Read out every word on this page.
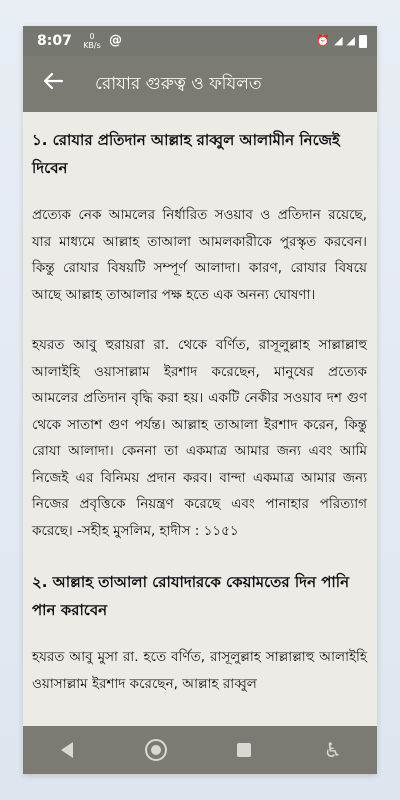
8:07	0 KB/s @	⏰ ◢ ◢
রোযার গুরুত্ব ও ফযিলত
১. রোযার প্রতিদান আল্লাহ রাব্বুল আলামীন নিজেই দিবেন

প্রত্যেক নেক আমলের নির্ধারিত সওয়াব ও প্রতিদান রয়েছে, যার মাধ্যমে আল্লাহ তাআলা আমলকারীকে পুরস্কৃত করবেন। কিন্তু রোযার বিষয়টি সম্পূর্ণ আলাদা। কারণ, রোযার বিষয়ে আছে আল্লাহ তাআলার পক্ষ হতে এক অনন্য ঘোষণা।

হযরত আবু হুরায়রা রা. থেকে বর্ণিত, রাসূলুল্লাহ সাল্লাল্লাহু আলাইহি ওয়াসাল্লাম ইরশাদ করেছেন, মানুষের প্রত্যেক আমলের প্রতিদান বৃদ্ধি করা হয়। একটি নেকীর সওয়াব দশ গুণ থেকে সাতাশ গুণ পর্যন্ত। আল্লাহ তাআলা ইরশাদ করেন, কিন্তু রোযা আলাদা। কেননা তা একমাত্র আমার জন্য এবং আমি নিজেই এর বিনিময় প্রদান করব। বান্দা একমাত্র আমার জন্য নিজের প্রবৃত্তিকে নিয়ন্ত্রণ করেছে এবং পানাহার পরিত্যাগ করেছে। -সহীহ মুসলিম, হাদীস : ১১৫১

২. আল্লাহ তাআলা রোযাদারকে কেয়ামতের দিন পানি পান করাবেন

হযরত আবু মুসা রা. হতে বর্ণিত, রাসূলুল্লাহ সাল্লাল্লাহু আলাইহি ওয়াসাল্লাম ইরশাদ করেছেন, আল্লাহ রাব্বুল

♿
